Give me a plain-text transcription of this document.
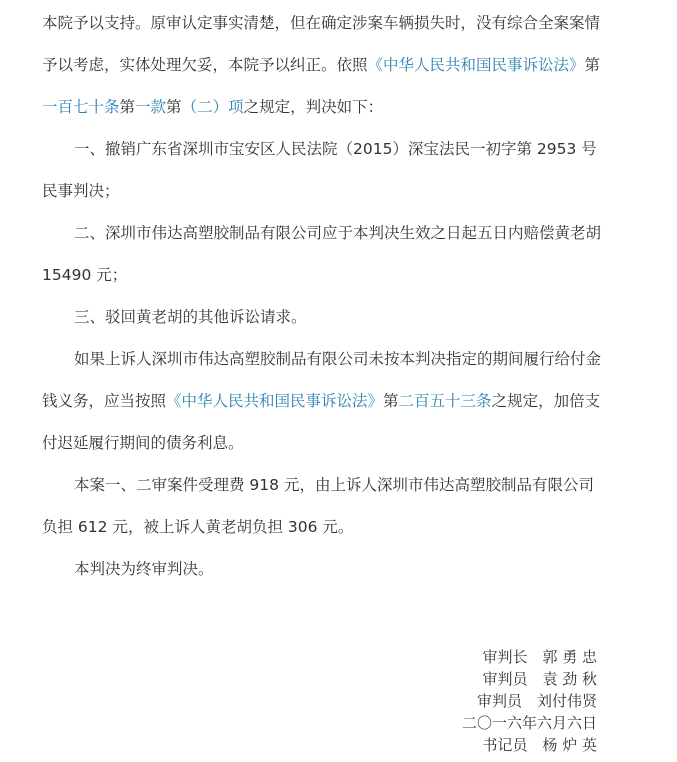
本院予以支持。原审认定事实清楚，但在确定涉案车辆损失时，没有综合全案案情予以考虑，实体处理欠妥，本院予以纠正。依照《中华人民共和国民事诉讼法》第一百七十条第一款第（二）项之规定，判决如下：

一、撤销广东省深圳市宝安区人民法院（2015）深宝法民一初字第 2953 号民事判决；

二、深圳市伟达高塑胶制品有限公司应于本判决生效之日起五日内赔偿黄老胡 15490 元；

三、驳回黄老胡的其他诉讼请求。

如果上诉人深圳市伟达高塑胶制品有限公司未按本判决指定的期间履行给付金钱义务，应当按照《中华人民共和国民事诉讼法》第二百五十三条之规定，加倍支付迟延履行期间的债务利息。

本案一、二审案件受理费 918 元，由上诉人深圳市伟达高塑胶制品有限公司负担 612 元，被上诉人黄老胡负担 306 元。

本判决为终审判决。

审判长　郭 勇 忠
审判员　袁 劲 秋
审判员　刘付伟贤
二〇一六年六月六日
书记员　杨 炉 英
